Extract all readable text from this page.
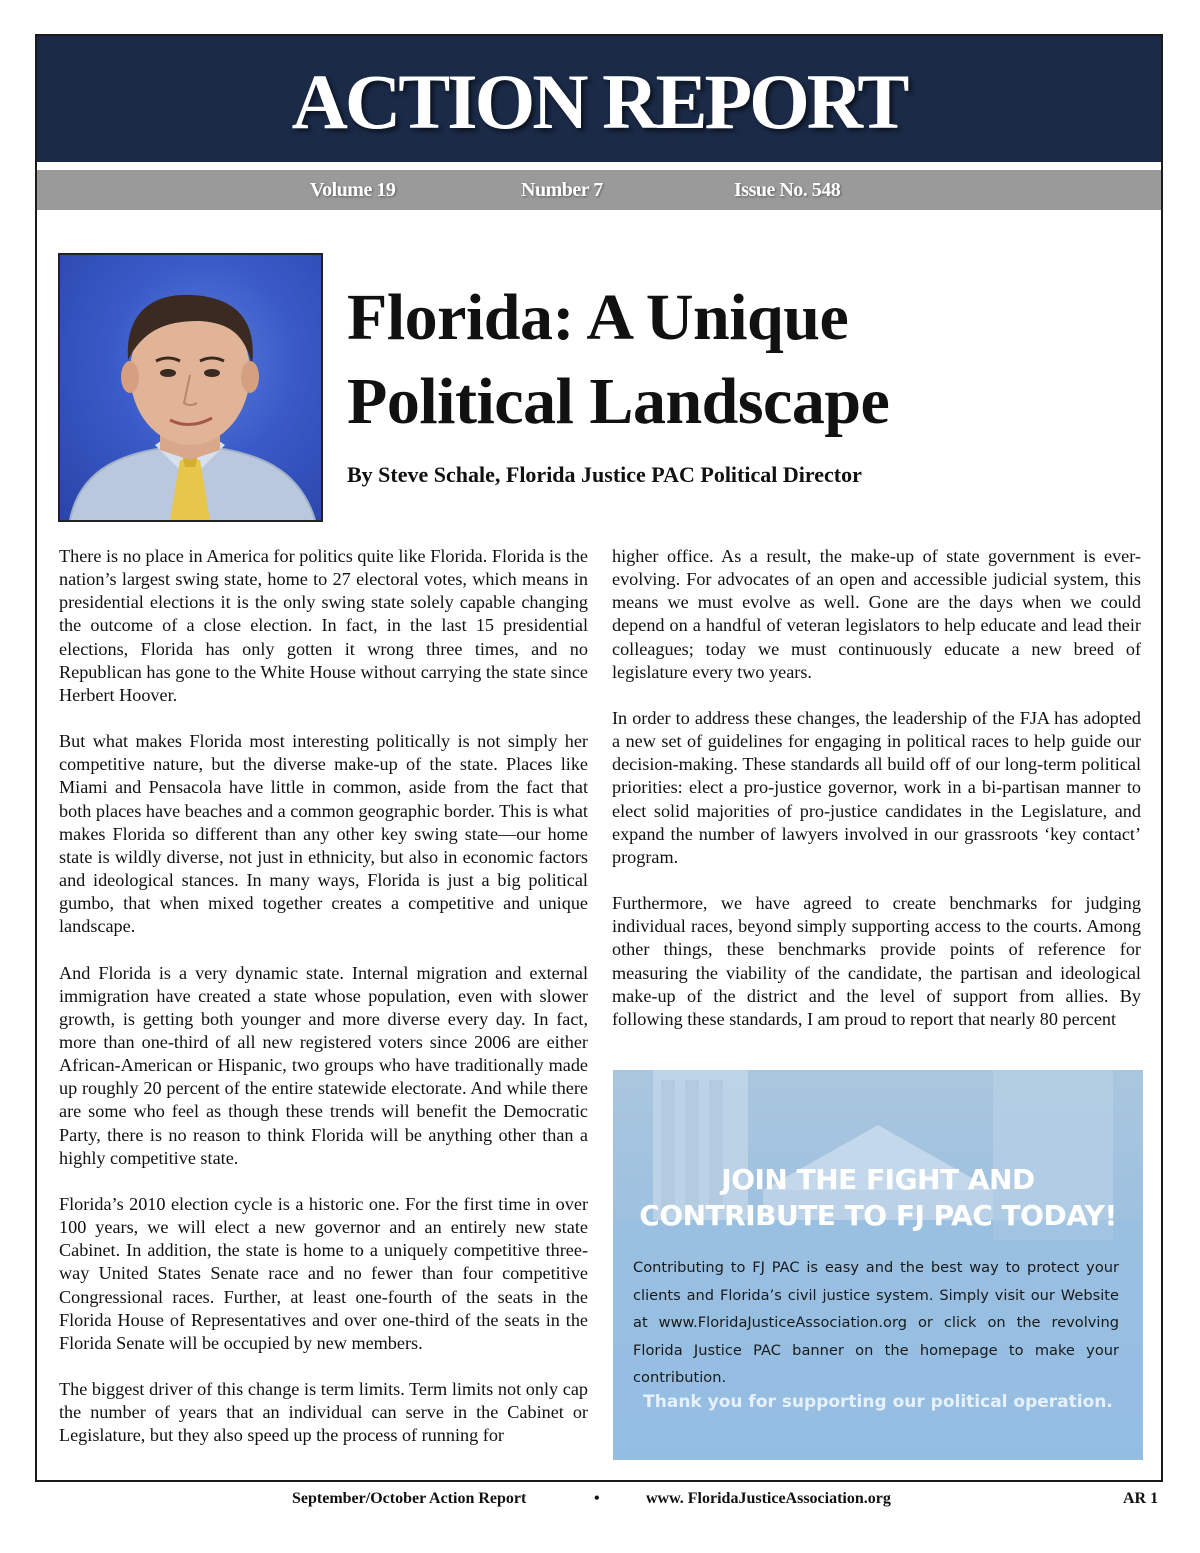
ACTION REPORT
Volume 19	Number 7	Issue No. 548
Florida: A Unique
Political Landscape
By Steve Schale, Florida Justice PAC Political Director

There is no place in America for politics quite like Florida. Florida is the nation’s largest swing state, home to 27 electoral votes, which means in presidential elections it is the only swing state solely capable changing the outcome of a close election. In fact, in the last 15 presidential elections, Florida has only gotten it wrong three times, and no Republican has gone to the White House without carrying the state since Herbert Hoover.

But what makes Florida most interesting politically is not simply her competitive nature, but the diverse make-up of the state. Places like Miami and Pensacola have little in common, aside from the fact that both places have beaches and a common geographic border. This is what makes Florida so different than any other key swing state—our home state is wildly diverse, not just in ethnicity, but also in economic factors and ideological stances. In many ways, Florida is just a big political gumbo, that when mixed together creates a competitive and unique landscape.

And Florida is a very dynamic state. Internal migration and external immigration have created a state whose population, even with slower growth, is getting both younger and more diverse every day. In fact, more than one-third of all new registered voters since 2006 are either African-American or Hispanic, two groups who have traditionally made up roughly 20 percent of the entire statewide electorate. And while there are some who feel as though these trends will benefit the Democratic Party, there is no reason to think Florida will be anything other than a highly competitive state.

Florida’s 2010 election cycle is a historic one. For the first time in over 100 years, we will elect a new governor and an entirely new state Cabinet. In addition, the state is home to a uniquely competitive three-way United States Senate race and no fewer than four competitive Congressional races. Further, at least one-fourth of the seats in the Florida House of Representatives and over one-third of the seats in the Florida Senate will be occupied by new members.

The biggest driver of this change is term limits. Term limits not only cap the number of years that an individual can serve in the Cabinet or Legislature, but they also speed up the process of running for

higher office. As a result, the make-up of state government is ever-evolving. For advocates of an open and accessible judicial system, this means we must evolve as well. Gone are the days when we could depend on a handful of veteran legislators to help educate and lead their colleagues; today we must continuously educate a new breed of legislature every two years.

In order to address these changes, the leadership of the FJA has adopted a new set of guidelines for engaging in political races to help guide our decision-making. These standards all build off of our long-term political priorities: elect a pro-justice governor, work in a bi-partisan manner to elect solid majorities of pro-justice candidates in the Legislature, and expand the number of lawyers involved in our grassroots ‘key contact’ program.

Furthermore, we have agreed to create benchmarks for judging individual races, beyond simply supporting access to the courts. Among other things, these benchmarks provide points of reference for measuring the viability of the candidate, the partisan and ideological make-up of the district and the level of support from allies. By following these standards, I am proud to report that nearly 80 percent

JOIN THE FIGHT AND
CONTRIBUTE TO FJ PAC TODAY!
Contributing to FJ PAC is easy and the best way to protect your clients and Florida’s civil justice system. Simply visit our Website at www.FloridaJusticeAssociation.org or click on the revolving Florida Justice PAC banner on the homepage to make your contribution.
Thank you for supporting our political operation.
September/October Action Report	•	www. FloridaJusticeAssociation.org	AR 1
